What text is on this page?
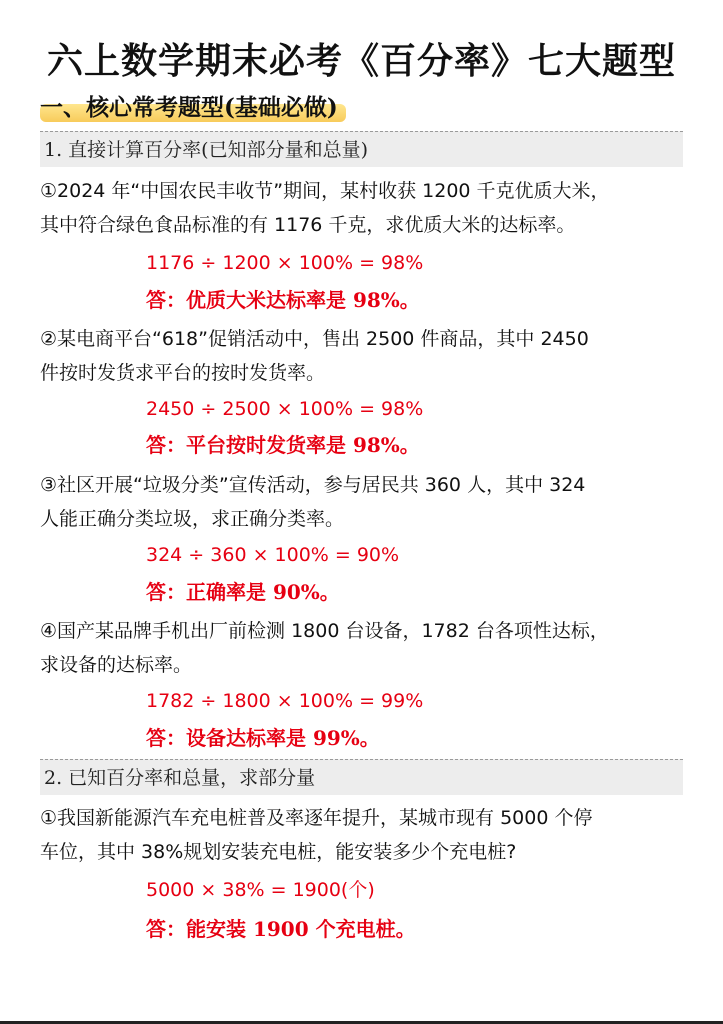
六上数学期末必考《百分率》七大题型
一、核心常考题型(基础必做)
1. 直接计算百分率(已知部分量和总量)
①2024 年“中国农民丰收节”期间，某村收获 1200 千克优质大米，
其中符合绿色食品标准的有 1176 千克，求优质大米的达标率。
1176 ÷ 1200 × 100% = 98%
答：优质大米达标率是 98%。
②某电商平台“618”促销活动中，售出 2500 件商品，其中 2450
件按时发货求平台的按时发货率。
2450 ÷ 2500 × 100% = 98%
答：平台按时发货率是 98%。
③社区开展“垃圾分类”宣传活动，参与居民共 360 人，其中 324
人能正确分类垃圾，求正确分类率。
324 ÷ 360 × 100% = 90%
答：正确率是 90%。
④国产某品牌手机出厂前检测 1800 台设备，1782 台各项性达标，
求设备的达标率。
1782 ÷ 1800 × 100% = 99%
答：设备达标率是 99%。
2. 已知百分率和总量，求部分量
①我国新能源汽车充电桩普及率逐年提升，某城市现有 5000 个停
车位，其中 38%规划安装充电桩，能安装多少个充电桩?
5000 × 38% = 1900(个)
答：能安装 1900 个充电桩。
